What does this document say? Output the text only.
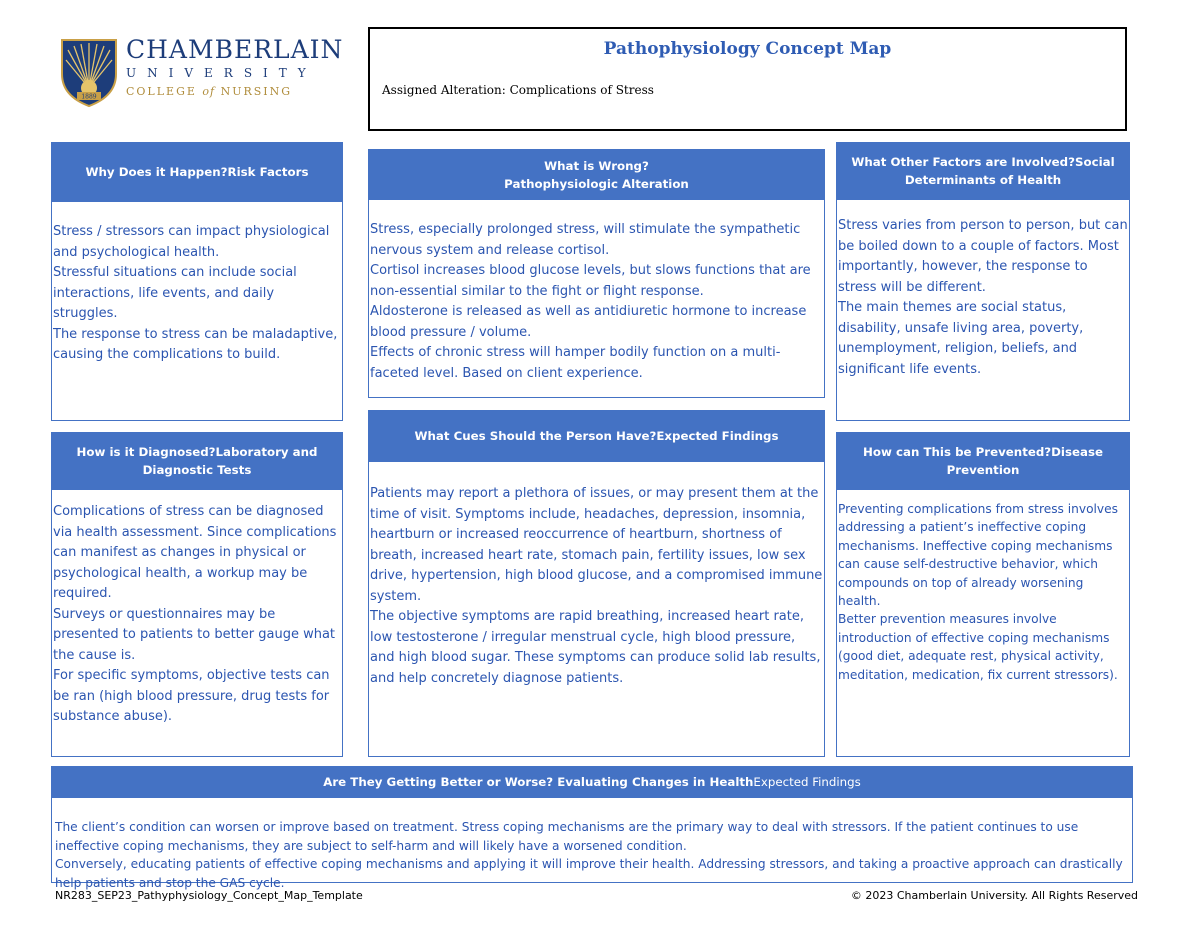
1889
CHAMBERLAIN
UNIVERSITY
COLLEGE of NURSING
Pathophysiology Concept Map
Assigned Alteration: Complications of Stress
Why Does it Happen?Risk Factors

Stress / stressors can impact physiological and psychological health.

Stressful situations can include social interactions, life events, and daily struggles.

The response to stress can be maladaptive, causing the complications to build.

What is Wrong?
Pathophysiologic Alteration

Stress, especially prolonged stress, will stimulate the sympathetic nervous system and release cortisol.

Cortisol increases blood glucose levels, but slows functions that are non-essential similar to the fight or flight response.

Aldosterone is released as well as antidiuretic hormone to increase blood pressure / volume.

Effects of chronic stress will hamper bodily function on a multi-faceted level. Based on client experience.

What Other Factors are Involved?Social Determinants of Health

Stress varies from person to person, but can be boiled down to a couple of factors. Most importantly, however, the response to stress will be different.

The main themes are social status, disability, unsafe living area, poverty, unemployment, religion, beliefs, and significant life events.

How is it Diagnosed?Laboratory and Diagnostic Tests

Complications of stress can be diagnosed via health assessment. Since complications can manifest as changes in physical or psychological health, a workup may be required.

Surveys or questionnaires may be presented to patients to better gauge what the cause is.

For specific symptoms, objective tests can be ran (high blood pressure, drug tests for substance abuse).

What Cues Should the Person Have?Expected Findings

Patients may report a plethora of issues, or may present them at the time of visit. Symptoms include, headaches, depression, insomnia, heartburn or increased reoccurrence of heartburn, shortness of breath, increased heart rate, stomach pain, fertility issues, low sex drive, hypertension, high blood glucose, and a compromised immune system.

The objective symptoms are rapid breathing, increased heart rate, low testosterone / irregular menstrual cycle, high blood pressure, and high blood sugar. These symptoms can produce solid lab results, and help concretely diagnose patients.

How can This be Prevented?Disease Prevention

Preventing complications from stress involves addressing a patient’s ineffective coping mechanisms. Ineffective coping mechanisms can cause self-destructive behavior, which compounds on top of already worsening health.

Better prevention measures involve introduction of effective coping mechanisms (good diet, adequate rest, physical activity, meditation, medication, fix current stressors).

Are They Getting Better or Worse? Evaluating Changes in Health Expected Findings

The client’s condition can worsen or improve based on treatment. Stress coping mechanisms are the primary way to deal with stressors. If the patient continues to use ineffective coping mechanisms, they are subject to self-harm and will likely have a worsened condition.

Conversely, educating patients of effective coping mechanisms and applying it will improve their health. Addressing stressors, and taking a proactive approach can drastically help patients and stop the GAS cycle.

NR283_SEP23_Pathyphysiology_Concept_Map_Template	© 2023 Chamberlain University. All Rights Reserved
